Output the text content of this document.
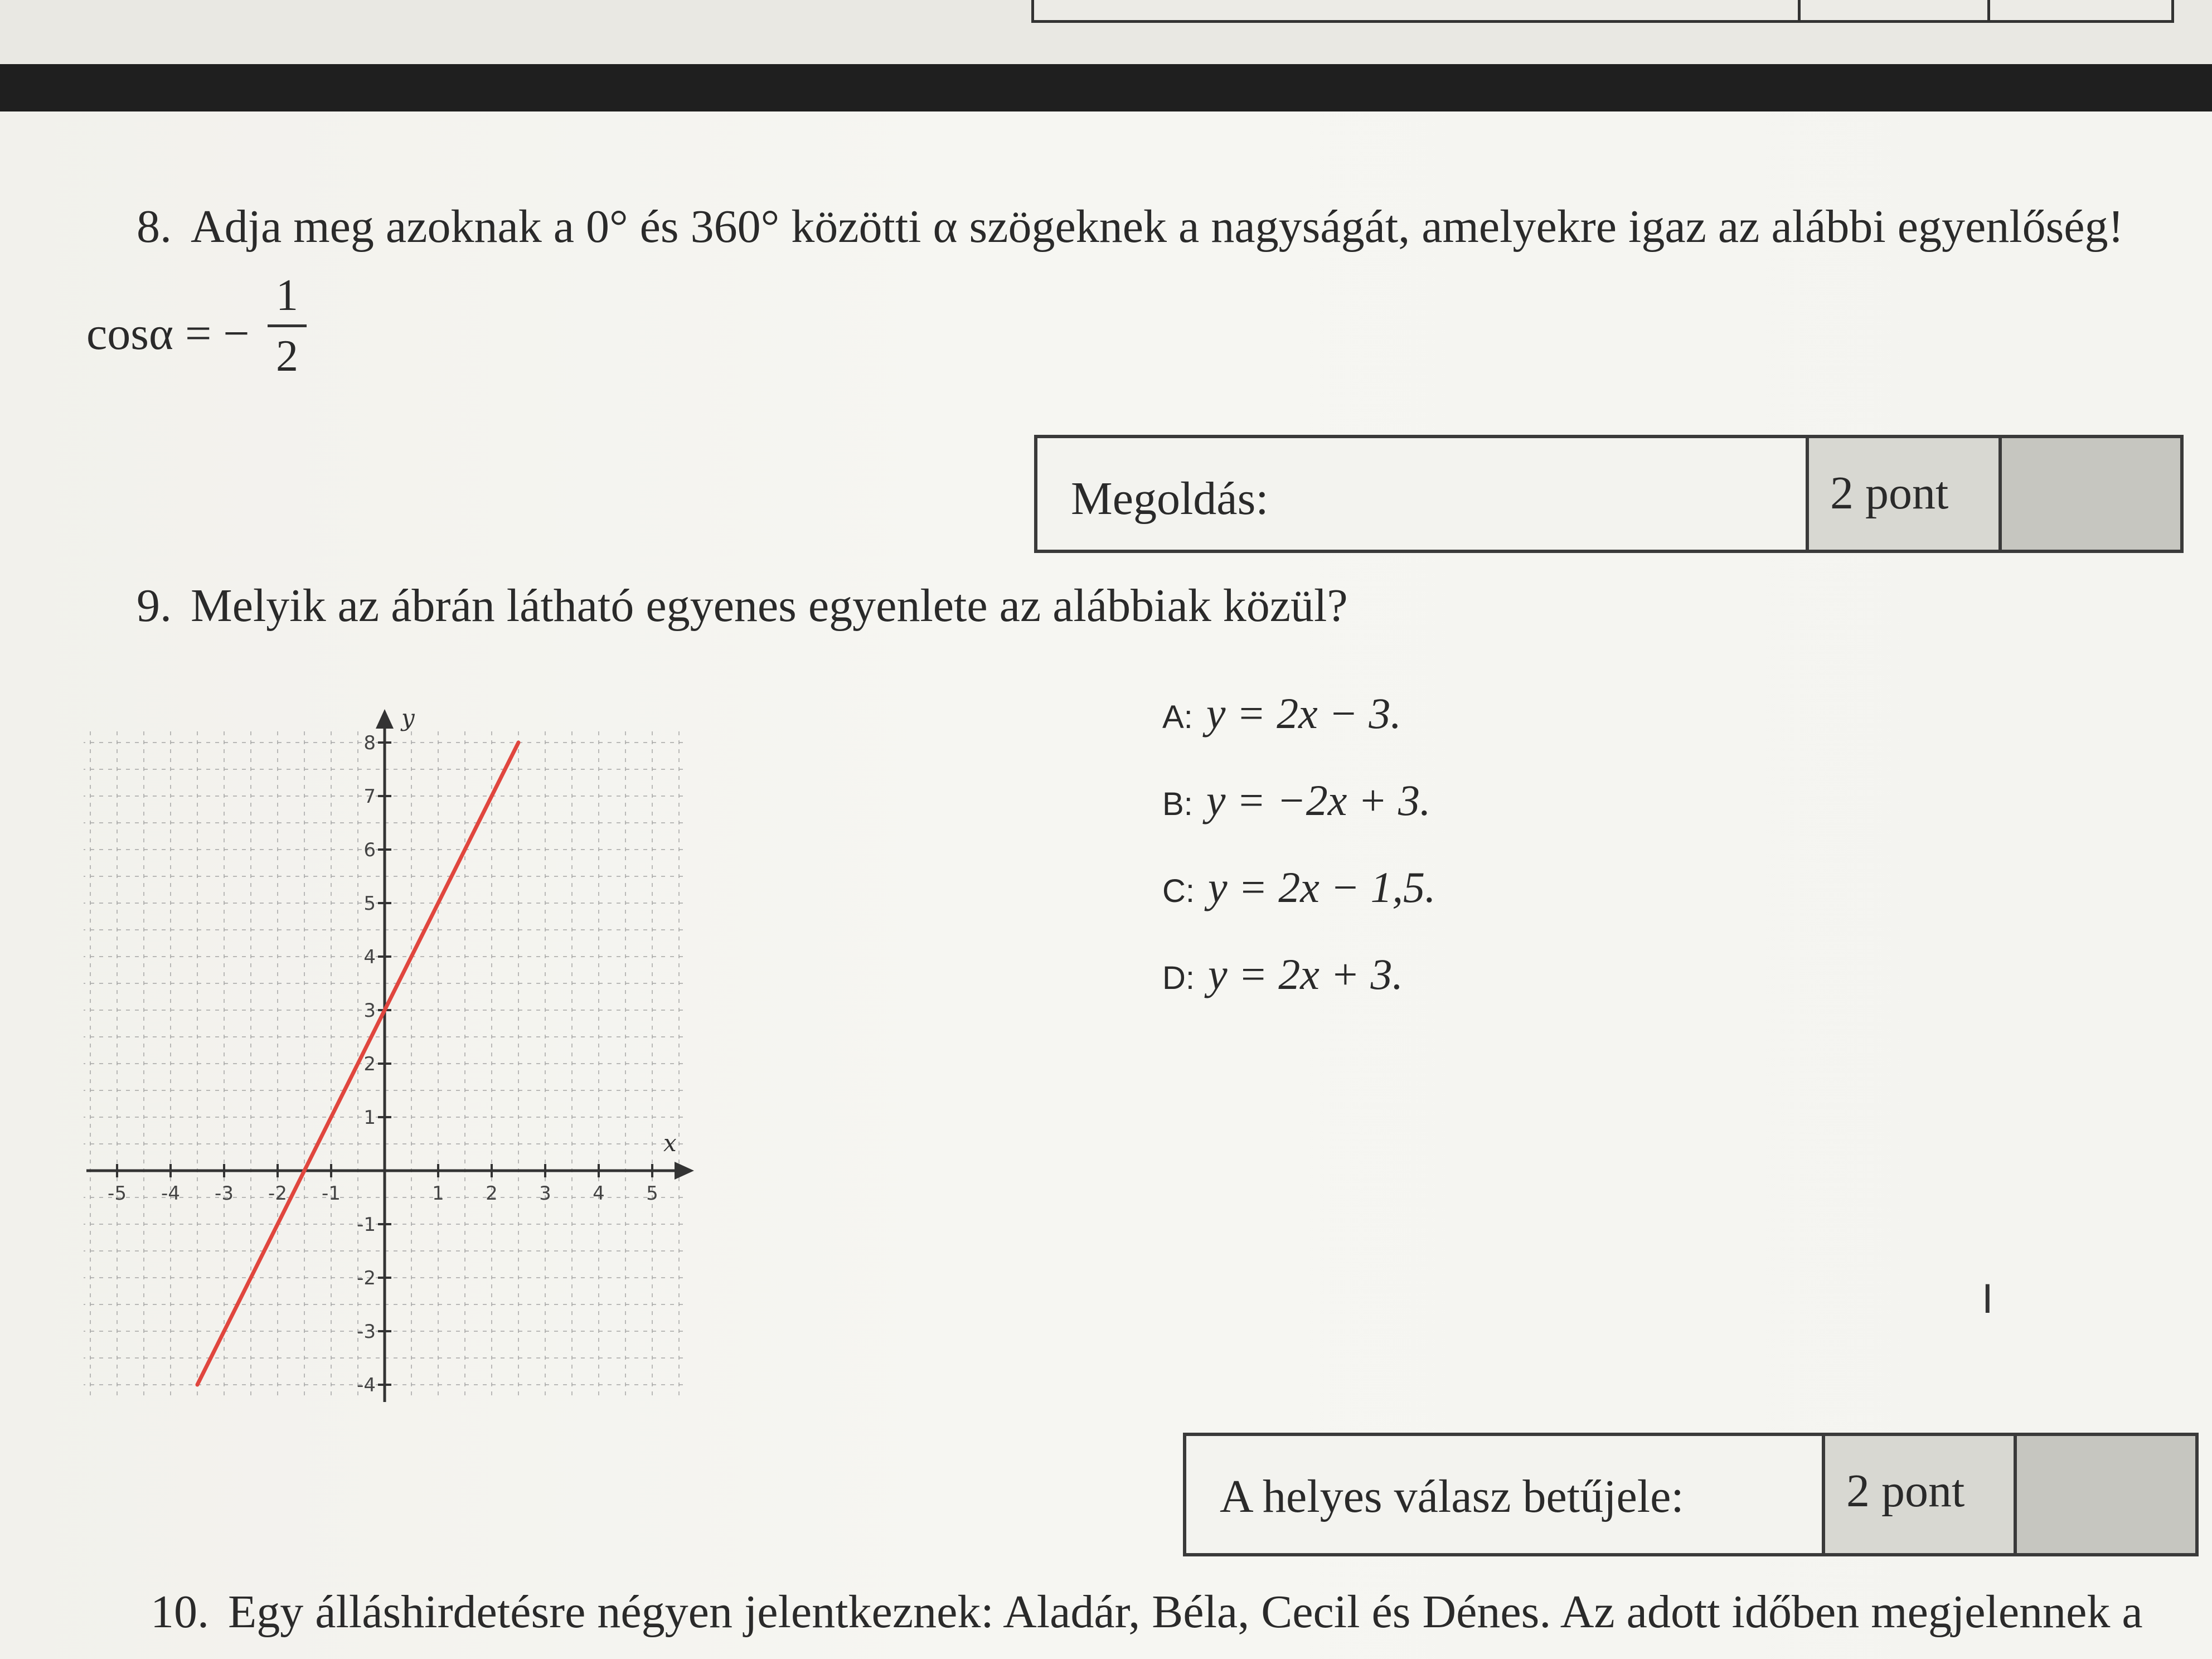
8. Adja meg azoknak a 0° és 360° közötti α szögeknek a nagyságát, amelyekre igaz az alábbi egyenlőség!
cosα = −
1
2
Megoldás:	2 pont
9. Melyik az ábrán látható egyenes egyenlete az alábbiak közül?
A: y = 2x − 3.
B: y = −2x + 3.
C: y = 2x − 1,5.
D: y = 2x + 3.
x
y
-5 -4 -3 -2 -1	1 2 3 4 5
-4
-3
-2
-1
1
2
3
4
5
6
7
8
A helyes válasz betűjele:	2 pont
10. Egy álláshirdetésre négyen jelentkeznek: Aladár, Béla, Cecil és Dénes. Az adott időben megjelennek a
Ι
